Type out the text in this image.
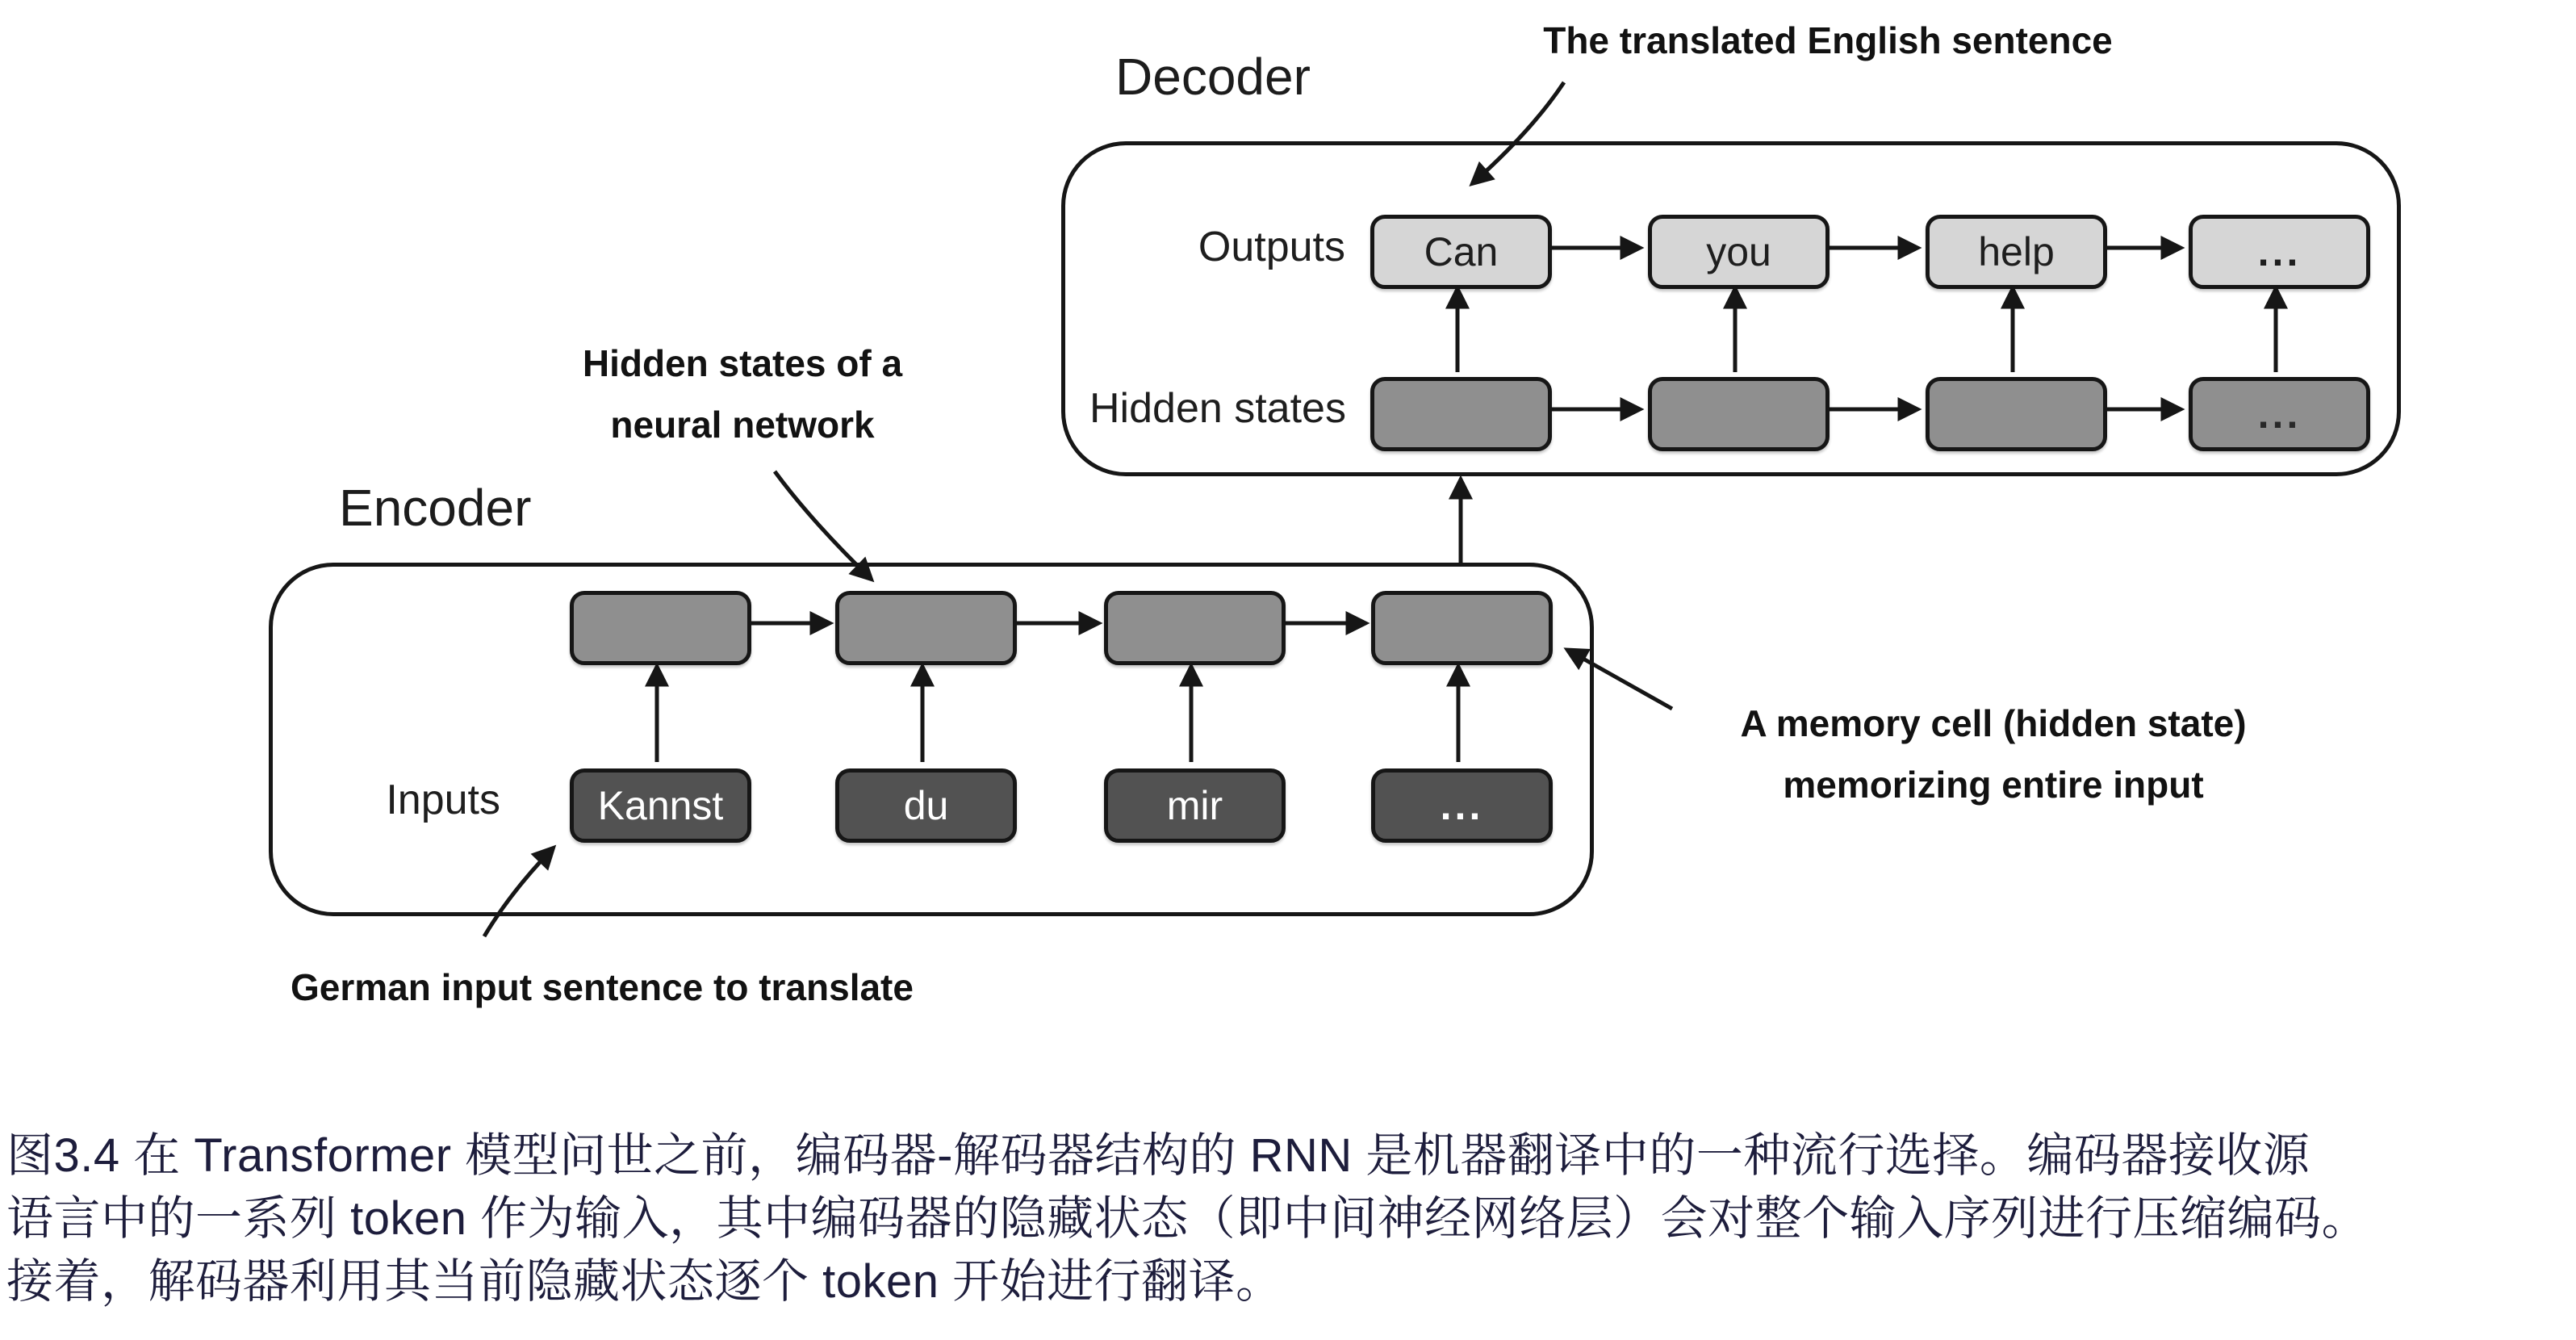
Decoder
The translated English sentence
Outputs	Can	you	help	...
Hidden states	...
Hidden states of a
neural network
Encoder
Inputs	Kannst	du	mir	...
A memory cell (hidden state)
memorizing entire input
German input sentence to translate
图3.4 在 Transformer 模型问世之前，编码器-解码器结构的 RNN 是机器翻译中的一种流行选择。编码器接收源
语言中的一系列 token 作为输入，其中编码器的隐藏状态（即中间神经网络层）会对整个输入序列进行压缩编码。
接着，解码器利用其当前隐藏状态逐个 token 开始进行翻译。
